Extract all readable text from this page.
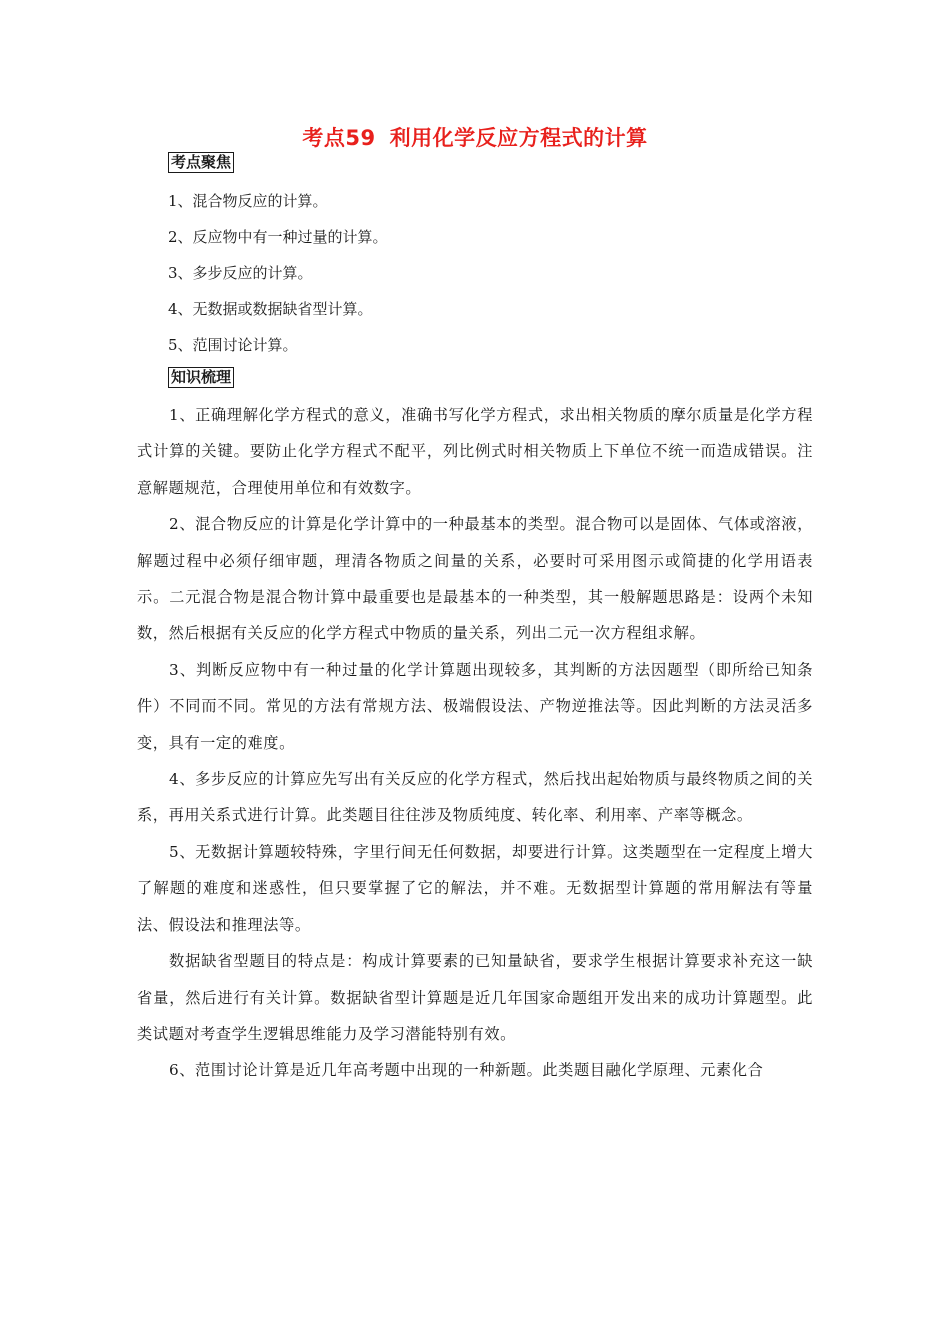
考点59 利用化学反应方程式的计算
考点聚焦
1、混合物反应的计算。
2、反应物中有一种过量的计算。
3、多步反应的计算。
4、无数据或数据缺省型计算。
5、范围讨论计算。
知识梳理

1、正确理解化学方程式的意义，准确书写化学方程式，求出相关物质的摩尔质量是化学方程式计算的关键。要防止化学方程式不配平，列比例式时相关物质上下单位不统一而造成错误。注意解题规范，合理使用单位和有效数字。

2、混合物反应的计算是化学计算中的一种最基本的类型。混合物可以是固体、气体或溶液，解题过程中必须仔细审题，理清各物质之间量的关系，必要时可采用图示或简捷的化学用语表示。二元混合物是混合物计算中最重要也是最基本的一种类型，其一般解题思路是：设两个未知数，然后根据有关反应的化学方程式中物质的量关系，列出二元一次方程组求解。

3、判断反应物中有一种过量的化学计算题出现较多，其判断的方法因题型（即所给已知条件）不同而不同。常见的方法有常规方法、极端假设法、产物逆推法等。因此判断的方法灵活多变，具有一定的难度。

4、多步反应的计算应先写出有关反应的化学方程式，然后找出起始物质与最终物质之间的关系，再用关系式进行计算。此类题目往往涉及物质纯度、转化率、利用率、产率等概念。

5、无数据计算题较特殊，字里行间无任何数据，却要进行计算。这类题型在一定程度上增大了解题的难度和迷惑性，但只要掌握了它的解法，并不难。无数据型计算题的常用解法有等量法、假设法和推理法等。

数据缺省型题目的特点是：构成计算要素的已知量缺省，要求学生根据计算要求补充这一缺省量，然后进行有关计算。数据缺省型计算题是近几年国家命题组开发出来的成功计算题型。此类试题对考查学生逻辑思维能力及学习潜能特别有效。

6、范围讨论计算是近几年高考题中出现的一种新题。此类题目融化学原理、元素化合
